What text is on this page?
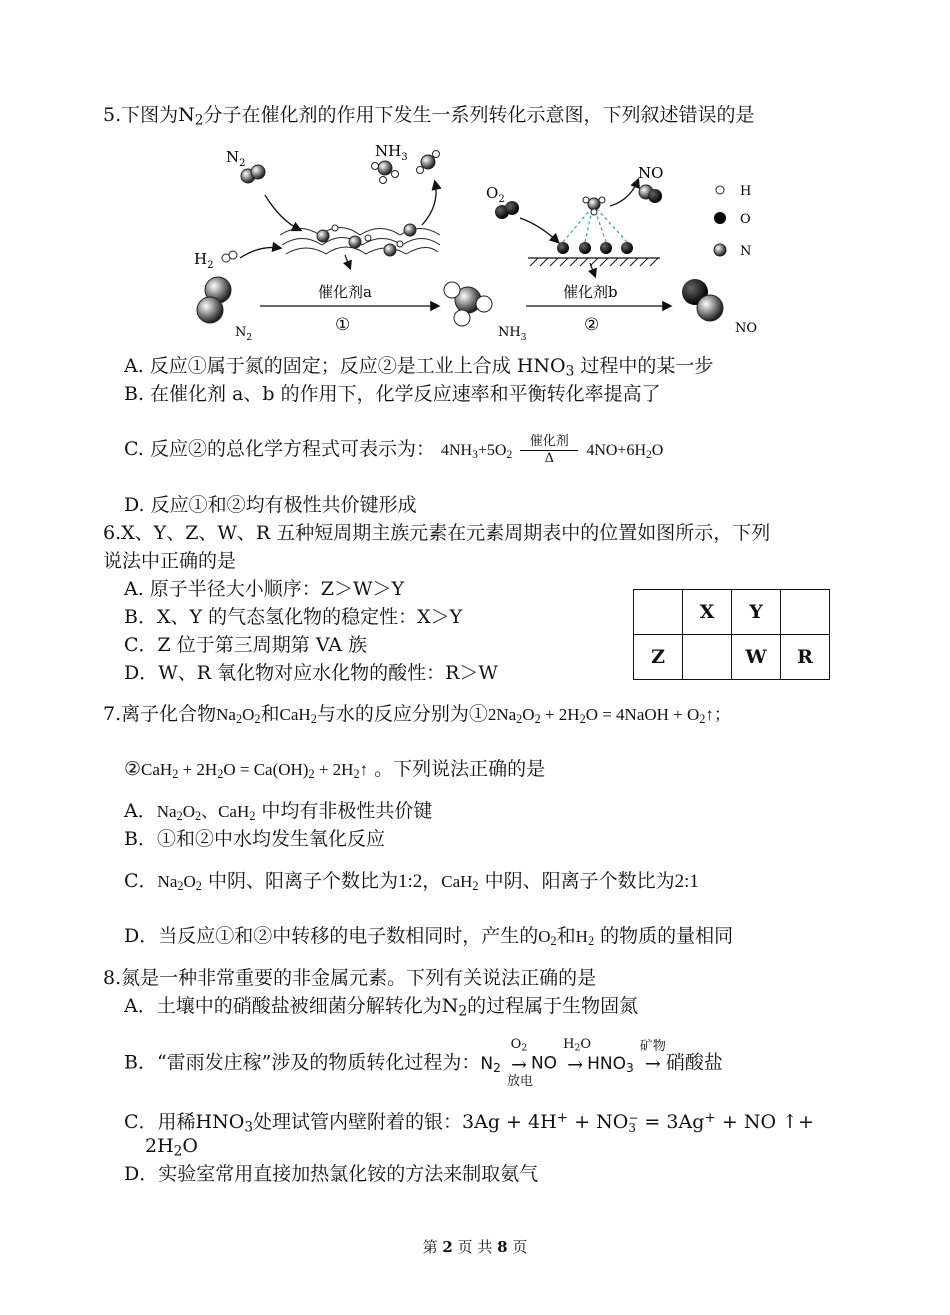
5.下图为$N_2$分子在催化剂的作用下发生一系列转化示意图，下列叙述错误的是
$N_2$
$NH_3$
$H_2$
$N_2$
催化剂a
①	$NH_3$
$O_2$
NO
H
O
N
催化剂b
②	NO
A. 反应①属于氮的固定；反应②是工业上合成 $HNO_3$ 过程中的某一步
B. 在催化剂 a、b 的作用下，化学反应速率和平衡转化率提高了
C. 反应②的总化学方程式可表示为： $4NH_3+5O_2$
催化剂
Δ	$4NO+6H_2O$
D. 反应①和②均有极性共价键形成
6.X、Y、Z、W、R 五种短周期主族元素在元素周期表中的位置如图所示，下列
说法中正确的是
A. 原子半径大小顺序：Z＞W＞Y
B．X、Y 的气态氢化物的稳定性：X＞Y
C．Z 位于第三周期第 VA 族
D．W、R 氧化物对应水化物的酸性：R＞W
	X	Y	
Z		W	R
7.离子化合物$Na_2O_2$和CaH$_2$与水的反应分别为$①2Na_2O_2 + 2H_2O$ = 4NaOH + $O_2↑$；
②CaH$_2$ + $2H_2O = Ca(OH)_2$ + $2H_2↑$ 。下列说法正确的是
A．$Na_2O_2$、CaH$_2$ 中均有非极性共价键
B．①和②中水均发生氧化反应
C．$Na_2O_2$ 中阴、阳离子个数比为1:2，CaH$_2$ 中阴、阳离子个数比为2:1
D．当反应①和②中转移的电子数相同时，产生的$O_2$和$H_2$ 的物质的量相同
8.氮是一种非常重要的非金属元素。下列有关说法正确的是
A．土壤中的硝酸盐被细菌分解转化为$N_2$的过程属于生物固氮
B．“雷雨发庄稼”涉及的物质转化过程为：$N_2$
$O_2$
→
放电
NO
$H_2O$
→
$HNO_3$
矿物
→
硝酸盐
C．用稀$HNO_3$处理试管内壁附着的银：3Ag + 4H+ + NO −
3 = 3Ag+ + NO ↑+
$2H_2O$
D．实验室常用直接加热氯化铵的方法来制取氨气
第 2 页 共 8 页
